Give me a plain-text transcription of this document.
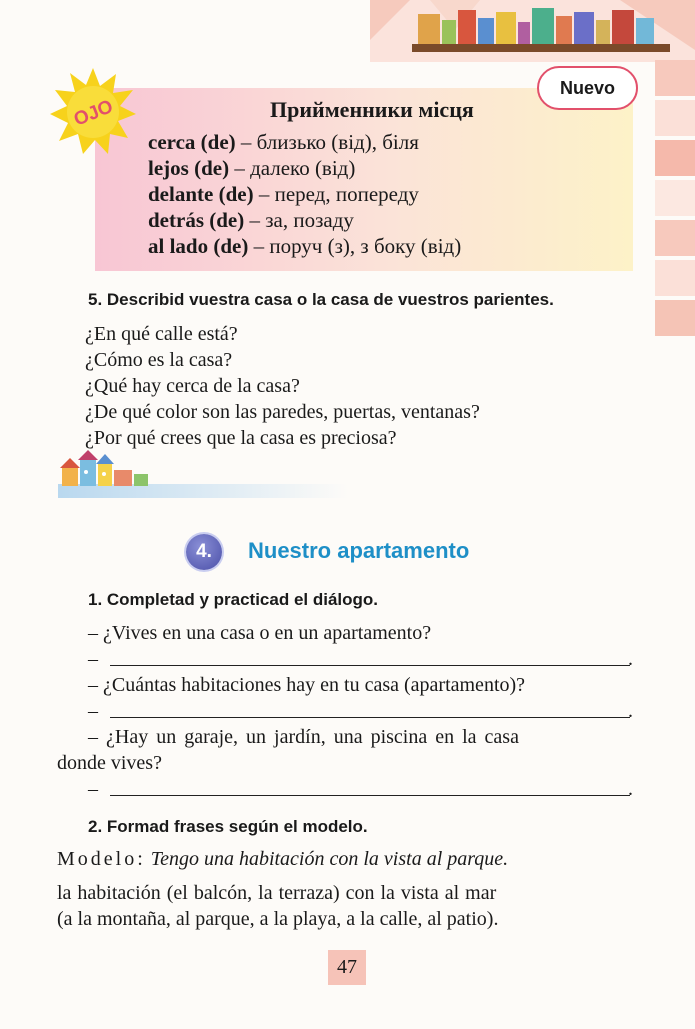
OJO
Nuevo
Прийменники місця
cerca (de) – близько (від), біля
lejos (de) – далеко (від)
delante (de) – перед, попереду
detrás (de) – за, позаду
al lado (de) – поруч (з), з боку (від)
5. Describid vuestra casa o la casa de vuestros parientes.
¿En qué calle está?
¿Cómo es la casa?
¿Qué hay cerca de la casa?
¿De qué color son las paredes, puertas, ventanas?
¿Por qué crees que la casa es preciosa?
4.	Nuestro apartamento
1. Completad y practicad el diálogo.
– ¿Vives en una casa o en un apartamento?
–	.
– ¿Cuántas habitaciones hay en tu casa (apartamento)?
–	.
– ¿Hay un garaje, un jardín, una piscina en la casa
donde vives?
–	.
2. Formad frases según el modelo.
Modelo: Tengo una habitación con la vista al parque.
la habitación (el balcón, la terraza) con la vista al mar
(a la montaña, al parque, a la playa, a la calle, al patio).
47
